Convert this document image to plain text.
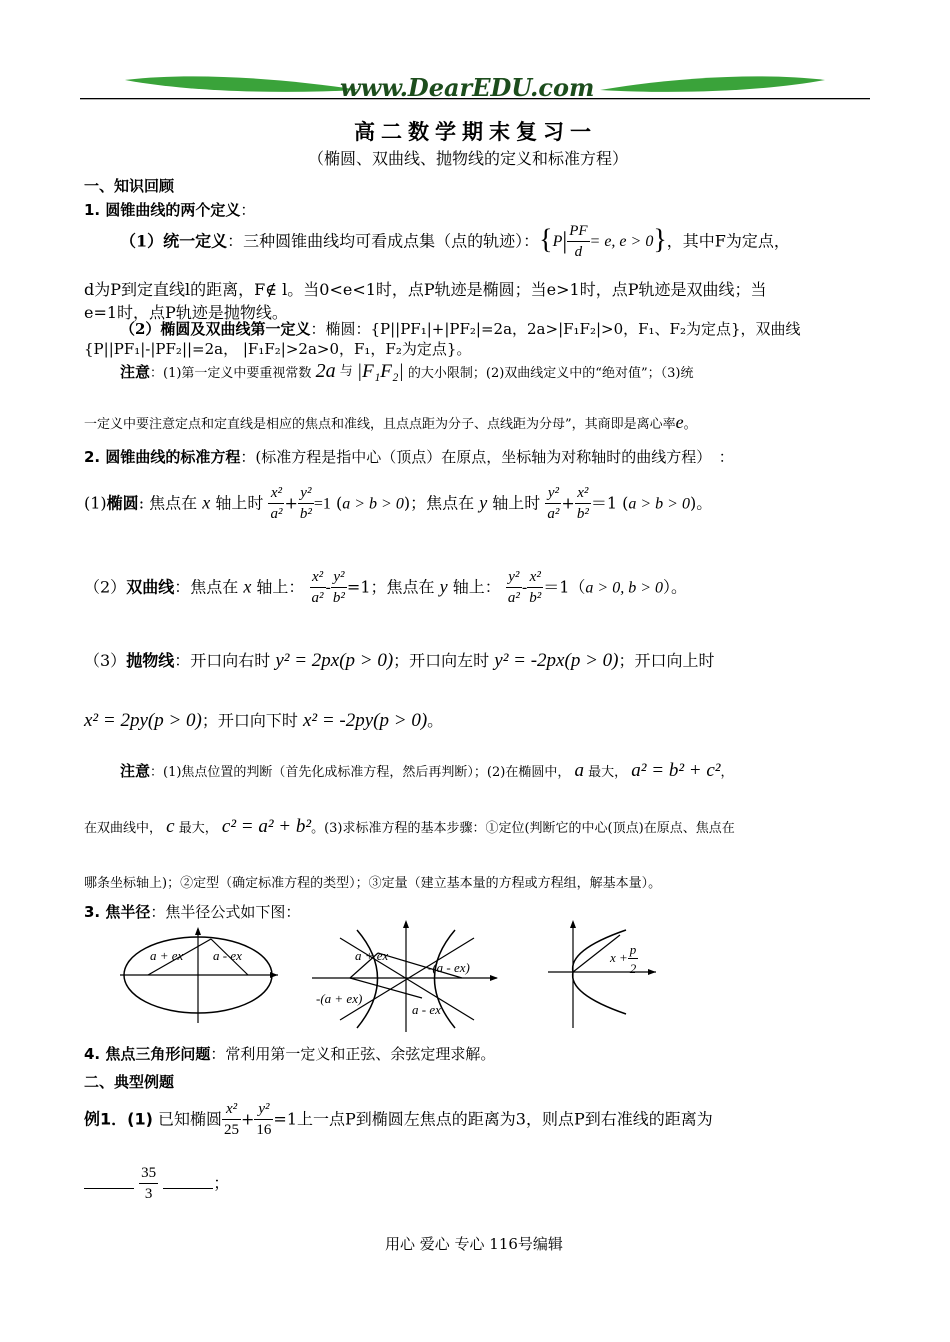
www.DearEDU.com
高二数学期末复习一
（椭圆、双曲线、抛物线的定义和标准方程）
一、知识回顾
1. 圆锥曲线的两个定义：
（1）统一定义：三种圆锥曲线均可看成点集（点的轨迹）：{$P| \frac{PF}{d} = e$, e > 0}，其中F为定点，
d为P到定直线l的距离，F∉ l。当0<e<1时，点P轨迹是椭圆；当e>1时，点P轨迹是双曲线；当
e=1时，点P轨迹是抛物线。
（2）椭圆及双曲线第一定义：椭圆：{P||PF₁|+|PF₂|=2a，2a>|F₁F₂|>0，F₁、F₂为定点}，双曲线
{P||PF₁|-|PF₂||=2a， |F₁F₂|>2a>0，F₁，F₂为定点}。
注意：(1)第一定义中要重视常数 2a 与 |F₁F₂| 的大小限制；(2)双曲线定义中的“绝对值”；（3)统
一定义中要注意定点和定直线是相应的焦点和准线，且点点距为分子、点线距为分母”，其商即是离心率e。
2. 圆锥曲线的标准方程：(标准方程是指中心（顶点）在原点，坐标轴为对称轴时的曲线方程）　：
(1)椭圆: 焦点在 x 轴上时 $\frac{\text{x²}}{\text{a²}} + \frac{\text{y²}}{\text{b²}} =1$ (a > b > 0)；焦点在 y 轴上时 $\frac{\text{y²}}{\text{a²}} + \frac{\text{x²}}{\text{b²}} =1$ (a > b > 0)。
（2）双曲线：焦点在 x 轴上： $\frac{\text{x²}}{\text{a²}} - \frac{\text{y²}}{\text{b²}} =1$；焦点在 y 轴上： $\frac{\text{y²}}{\text{a²}} - \frac{\text{x²}}{\text{b²}} =1(a > 0$, b > 0）。
（3）抛物线：开口向右时 y² = 2px(p > 0)；开口向左时 y² = -2px(p > 0)；开口向上时
x² = 2py(p > 0)；开口向下时 x² = -2py(p > 0)。
注意：(1)焦点位置的判断（首先化成标准方程，然后再判断）；(2)在椭圆中， a 最大， a² = b² + c²，
在双曲线中， c 最大， c² = a² + b²。(3)求标准方程的基本步骤：①定位(判断它的中心(顶点)在原点、焦点在
哪条坐标轴上)；②定型（确定标准方程的类型）；③定量（建立基本量的方程或方程组，解基本量）。
3. 焦半径：焦半径公式如下图：
a + ex a - ex	a + ex
-(a - ex)
-(a + ex)
a - ex
$x + \frac{p}{2}$
4. 焦点三角形问题：常利用第一定义和正弦、余弦定理求解。
二、典型例题
例1．(1) 已知椭圆 $\frac{\text{x²}}{25} + \frac{\text{y²}}{16} =1$上一点P到椭圆左焦点的距离为3，则点P到右准线的距离为

$\frac{35}{3}$	；
用心 爱心 专心 116号编辑
